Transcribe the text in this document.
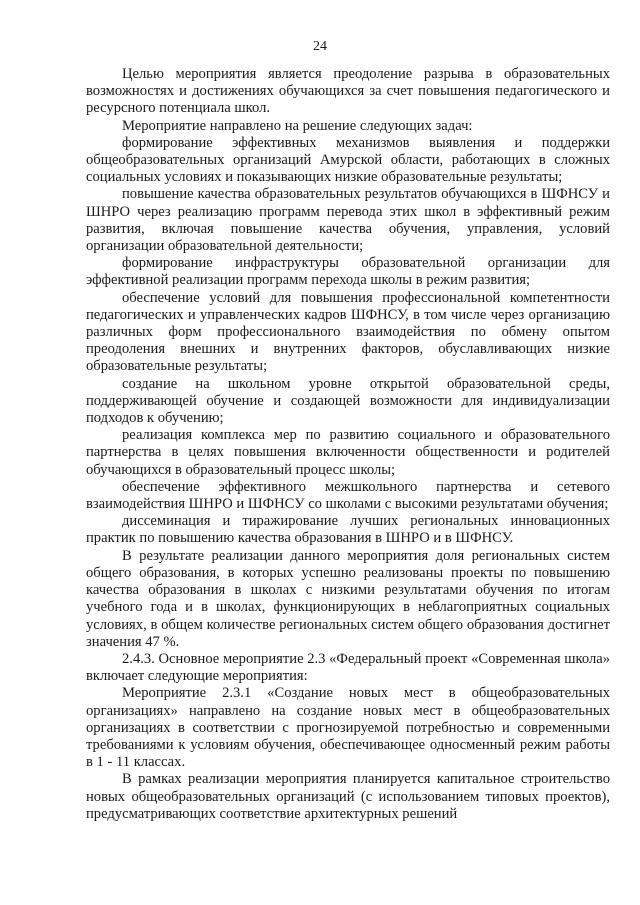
24

Целью мероприятия является преодоление разрыва в образовательных возможностях и достижениях обучающихся за счет повышения педагогического и ресурсного потенциала школ.

Мероприятие направлено на решение следующих задач:

формирование эффективных механизмов выявления и поддержки общеобразовательных организаций Амурской области, работающих в сложных социальных условиях и показывающих низкие образовательные результаты;

повышение качества образовательных результатов обучающихся в ШФНСУ и ШНРО через реализацию программ перевода этих школ в эффективный режим развития, включая повышение качества обучения, управления, условий организации образовательной деятельности;

формирование инфраструктуры образовательной организации для эффективной реализации программ перехода школы в режим развития;

обеспечение условий для повышения профессиональной компетентности педагогических и управленческих кадров ШФНСУ, в том числе через организацию различных форм профессионального взаимодействия по обмену опытом преодоления внешних и внутренних факторов, обуславливающих низкие образовательные результаты;

создание на школьном уровне открытой образовательной среды, поддерживающей обучение и создающей возможности для индивидуализации подходов к обучению;

реализация комплекса мер по развитию социального и образовательного партнерства в целях повышения включенности общественности и родителей обучающихся в образовательный процесс школы;

обеспечение эффективного межшкольного партнерства и сетевого взаимодействия ШНРО и ШФНСУ со школами с высокими результатами обучения;

диссеминация и тиражирование лучших региональных инновационных практик по повышению качества образования в ШНРО и в ШФНСУ.

В результате реализации данного мероприятия доля региональных систем общего образования, в которых успешно реализованы проекты по повышению качества образования в школах с низкими результатами обучения по итогам учебного года и в школах, функционирующих в неблагоприятных социальных условиях, в общем количестве региональных систем общего образования достигнет значения 47 %.

2.4.3. Основное мероприятие 2.3 «Федеральный проект «Современная школа» включает следующие мероприятия:

Мероприятие 2.3.1 «Создание новых мест в общеобразовательных организациях» направлено на создание новых мест в общеобразовательных организациях в соответствии с прогнозируемой потребностью и современными требованиями к условиям обучения, обеспечивающее односменный режим работы в 1 - 11 классах.

В рамках реализации мероприятия планируется капитальное строительство новых общеобразовательных организаций (с использованием типовых проектов), предусматривающих соответствие архитектурных решений
